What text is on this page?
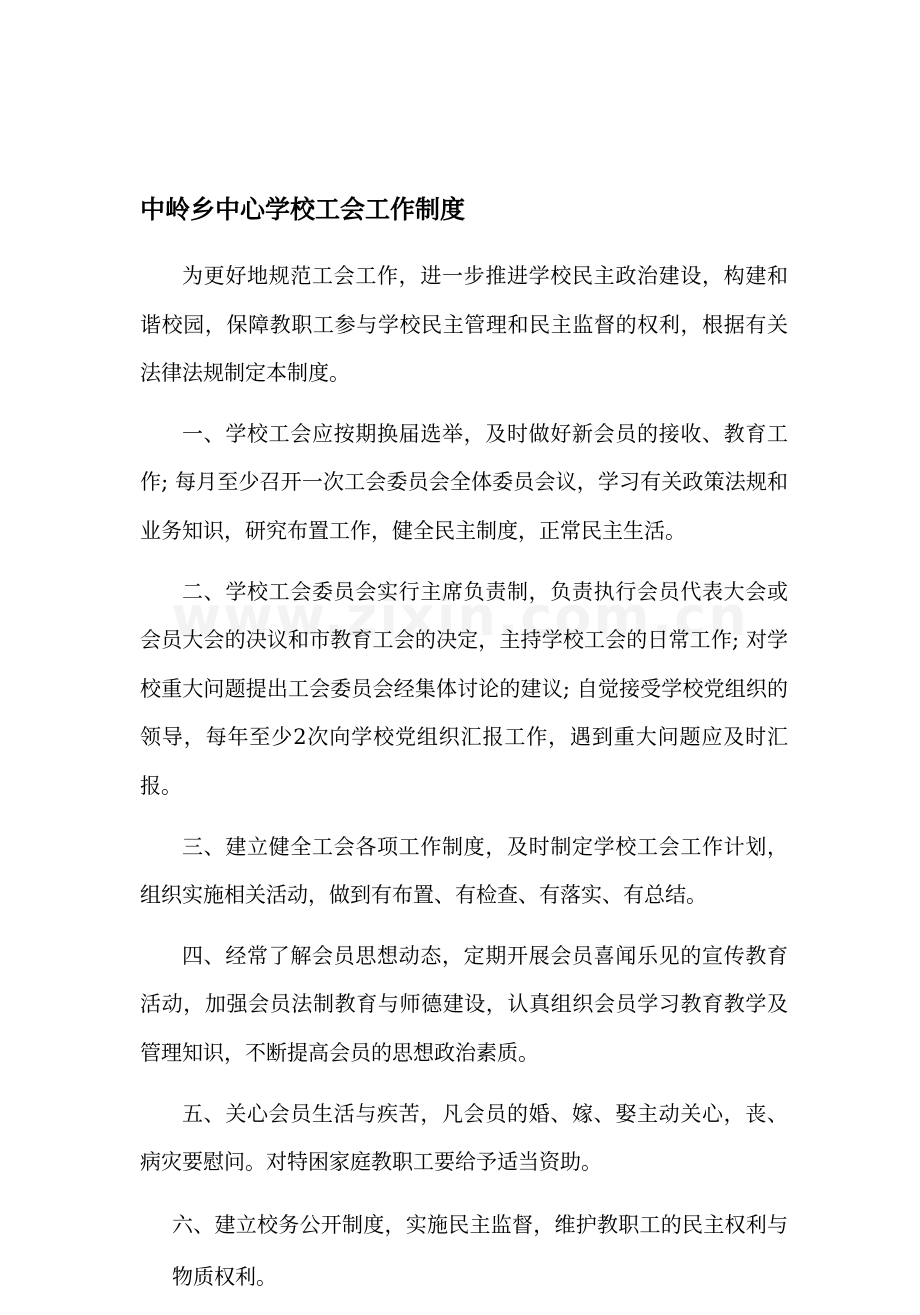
中岭乡中心学校工会工作制度

为更好地规范工会工作，进一步推进学校民主政治建设，构建和谐校园，保障教职工参与学校民主管理和民主监督的权利，根据有关法律法规制定本制度。

一、学校工会应按期换届选举，及时做好新会员的接收、教育工作; 每月至少召开一次工会委员会全体委员会议，学习有关政策法规和业务知识，研究布置工作，健全民主制度，正常民主生活。

二、学校工会委员会实行主席负责制，负责执行会员代表大会或会员大会的决议和市教育工会的决定，主持学校工会的日常工作; 对学校重大问题提出工会委员会经集体讨论的建议; 自觉接受学校党组织的领导，每年至少2次向学校党组织汇报工作，遇到重大问题应及时汇报。

三、建立健全工会各项工作制度，及时制定学校工会工作计划，组织实施相关活动，做到有布置、有检查、有落实、有总结。

四、经常了解会员思想动态，定期开展会员喜闻乐见的宣传教育活动，加强会员法制教育与师德建设，认真组织会员学习教育教学及管理知识，不断提高会员的思想政治素质。

五、关心会员生活与疾苦，凡会员的婚、嫁、娶主动关心，丧、病灾要慰问。对特困家庭教职工要给予适当资助。

六、建立校务公开制度，实施民主监督，维护教职工的民主权利与物质权利。
